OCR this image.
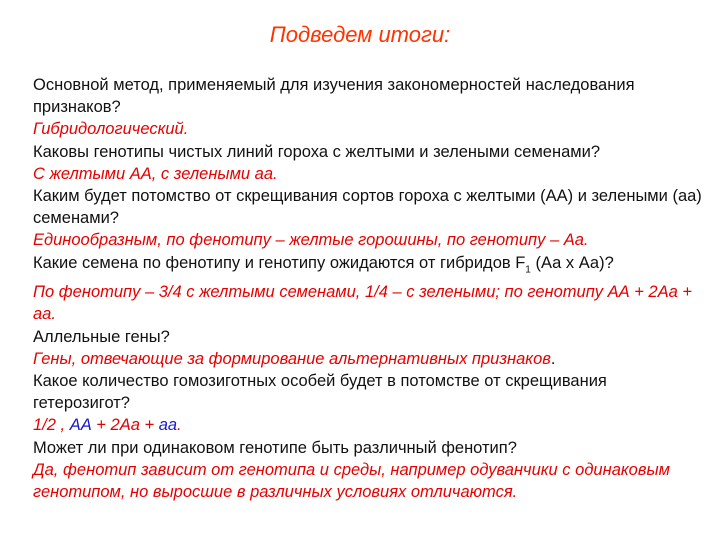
Подведем итоги:
Основной метод, применяемый для изучения закономерностей наследования признаков?
Гибридологический.
Каковы генотипы чистых линий гороха с желтыми и зелеными семенами?
С желтыми АА, с зелеными аа.
Каким будет потомство от скрещивания сортов гороха с желтыми (АА) и зелеными (аа) семенами?
Единообразным, по фенотипу – желтые горошины, по генотипу – Аа.
Какие семена по фенотипу и генотипу ожидаются от гибридов $F_1$ (Аа х Аа)?
По фенотипу – 3/4 с желтыми семенами, 1/4 – с зелеными; по генотипу АА + 2Аа + аа.
Аллельные гены?
Гены, отвечающие за формирование альтернативных признаков.
Какое количество гомозиготных особей будет в потомстве от скрещивания гетерозигот?
1/2 , АА + 2Аа + аа.
Может ли при одинаковом генотипе быть различный фенотип?
Да, фенотип зависит от генотипа и среды, например одуванчики с одинаковым генотипом, но выросшие в различных условиях отличаются.
